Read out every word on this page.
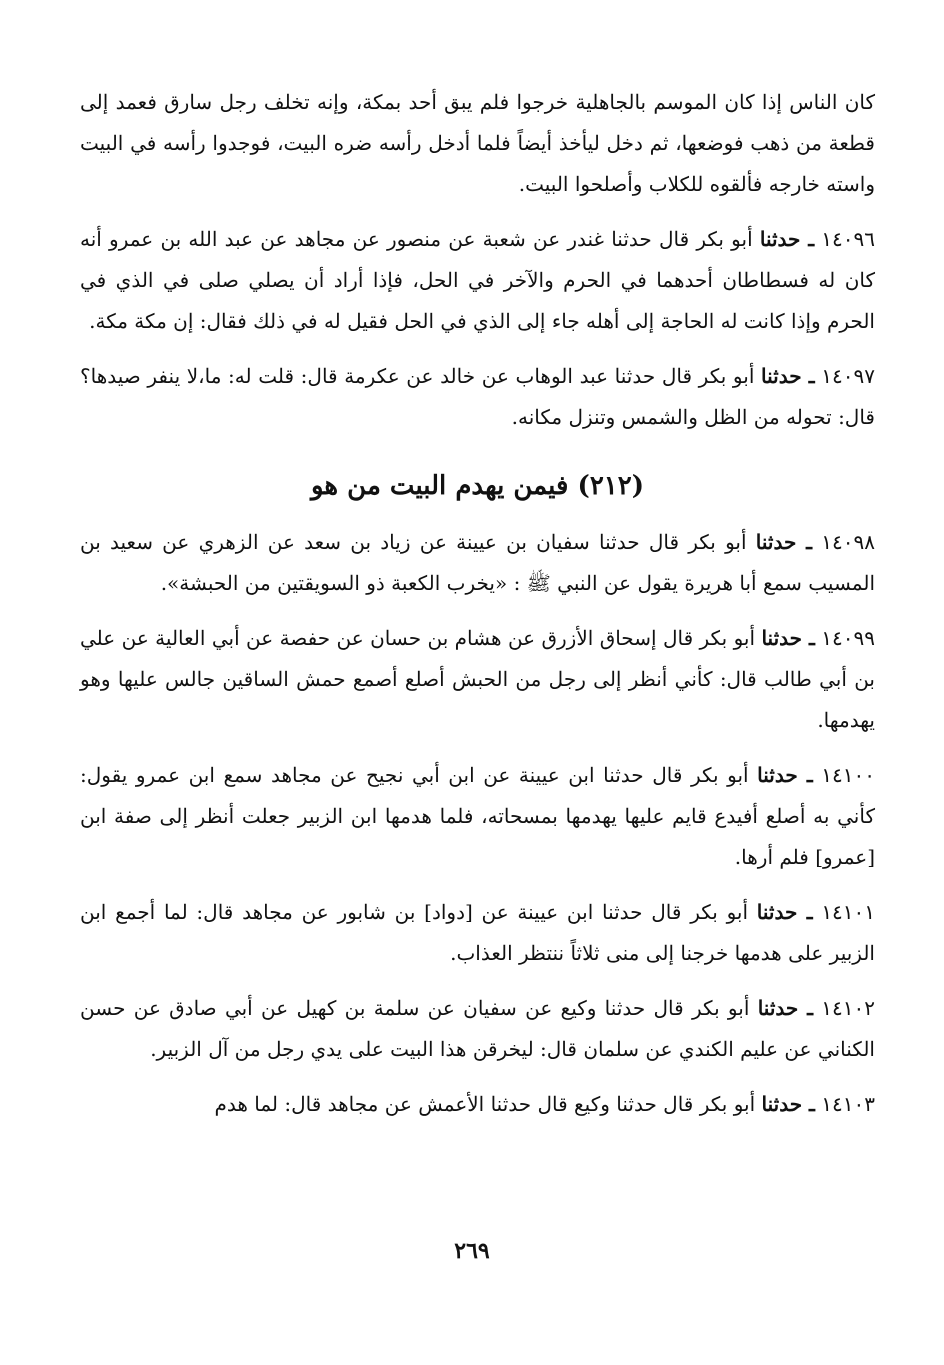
كان الناس إذا كان الموسم بالجاهلية خرجوا فلم يبق أحد بمكة، وإنه تخلف رجل سارق فعمد إلى قطعة من ذهب فوضعها، ثم دخل ليأخذ أيضاً فلما أدخل رأسه ضره البيت، فوجدوا رأسه في البيت واسته خارجه فألقوه للكلاب وأصلحوا البيت.

١٤٠٩٦ ـ حدثنا أبو بكر قال حدثنا غندر عن شعبة عن منصور عن مجاهد عن عبد الله بن عمرو أنه كان له فسطاطان أحدهما في الحرم والآخر في الحل، فإذا أراد أن يصلي صلى في الذي في الحرم وإذا كانت له الحاجة إلى أهله جاء إلى الذي في الحل فقيل له في ذلك فقال: إن مكة مكة.

١٤٠٩٧ ـ حدثنا أبو بكر قال حدثنا عبد الوهاب عن خالد عن عكرمة قال: قلت له: ما،لا ينفر صيدها؟ قال: تحوله من الظل والشمس وتنزل مكانه.

(٢١٢) فيمن يهدم البيت من هو

١٤٠٩٨ ـ حدثنا أبو بكر قال حدثنا سفيان بن عيينة عن زياد بن سعد عن الزهري عن سعيد بن المسيب سمع أبا هريرة يقول عن النبي ﷺ : «يخرب الكعبة ذو السويقتين من الحبشة».

١٤٠٩٩ ـ حدثنا أبو بكر قال إسحاق الأزرق عن هشام بن حسان عن حفصة عن أبي العالية عن علي بن أبي طالب قال: كأني أنظر إلى رجل من الحبش أصلع أصمع حمش الساقين جالس عليها وهو يهدمها.

١٤١٠٠ ـ حدثنا أبو بكر قال حدثنا ابن عيينة عن ابن أبي نجيح عن مجاهد سمع ابن عمرو يقول: كأني به أصلع أفيدع قايم عليها يهدمها بمسحاته، فلما هدمها ابن الزبير جعلت أنظر إلى صفة ابن [عمرو] فلم أرها.

١٤١٠١ ـ حدثنا أبو بكر قال حدثنا ابن عيينة عن [دواد] بن شابور عن مجاهد قال: لما أجمع ابن الزبير على هدمها خرجنا إلى منى ثلاثاً ننتظر العذاب.

١٤١٠٢ ـ حدثنا أبو بكر قال حدثنا وكيع عن سفيان عن سلمة بن كهيل عن أبي صادق عن حسن الكناني عن عليم الكندي عن سلمان قال: ليخرقن هذا البيت على يدي رجل من آل الزبير.

١٤١٠٣ ـ حدثنا أبو بكر قال حدثنا وكيع قال حدثنا الأعمش عن مجاهد قال: لما هدم

٢٦٩
